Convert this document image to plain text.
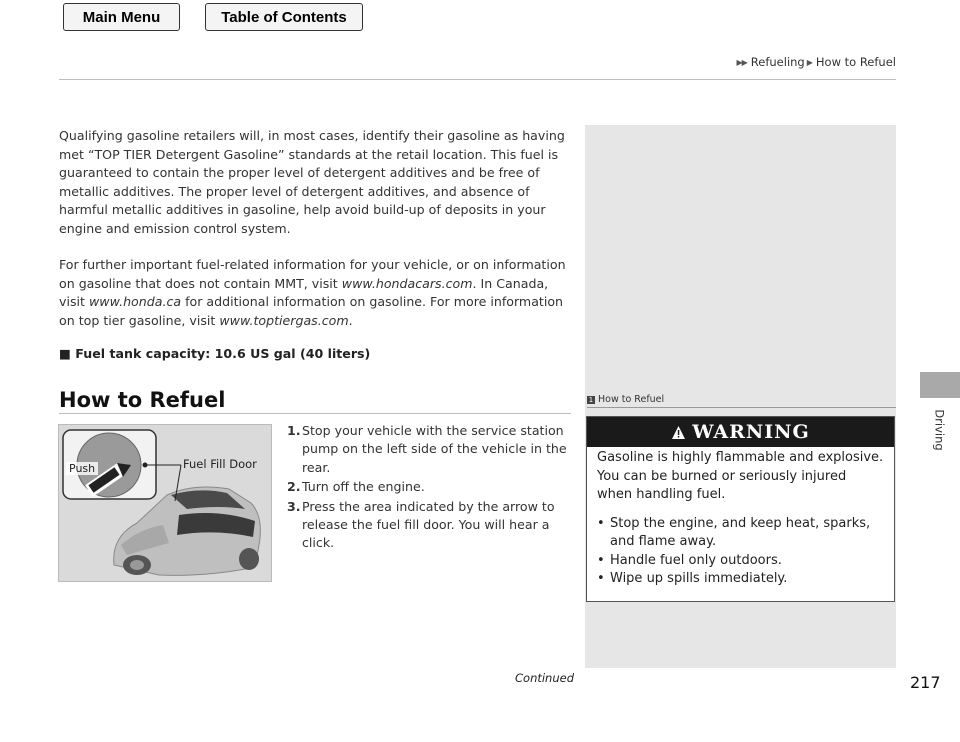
Main Menu	Table of Contents
▶▶ Refueling ▶ How to Refuel
Driving
Qualifying gasoline retailers will, in most cases, identify their gasoline as having met “TOP TIER Detergent Gasoline” standards at the retail location. This fuel is guaranteed to contain the proper level of detergent additives and be free of metallic additives. The proper level of detergent additives, and absence of harmful metallic additives in gasoline, help avoid build-up of deposits in your engine and emission control system.
For further important fuel-related information for your vehicle, or on information on gasoline that does not contain MMT, visit www.hondacars.com. In Canada, visit www.honda.ca for additional information on gasoline. For more information on top tier gasoline, visit www.toptiergas.com.
■ Fuel tank capacity: 10.6 US gal (40 liters)
How to Refuel
Push	Fuel Fill Door
1. Stop your vehicle with the service station pump on the left side of the vehicle in the rear.
2. Turn off the engine.
3. Press the area indicated by the arrow to release the fuel fill door. You will hear a click.
1 How to Refuel
WARNING
Gasoline is highly flammable and explosive. You can be burned or seriously injured when handling fuel.
• Stop the engine, and keep heat, sparks, and flame away.
• Handle fuel only outdoors.
• Wipe up spills immediately.
Continued	217
